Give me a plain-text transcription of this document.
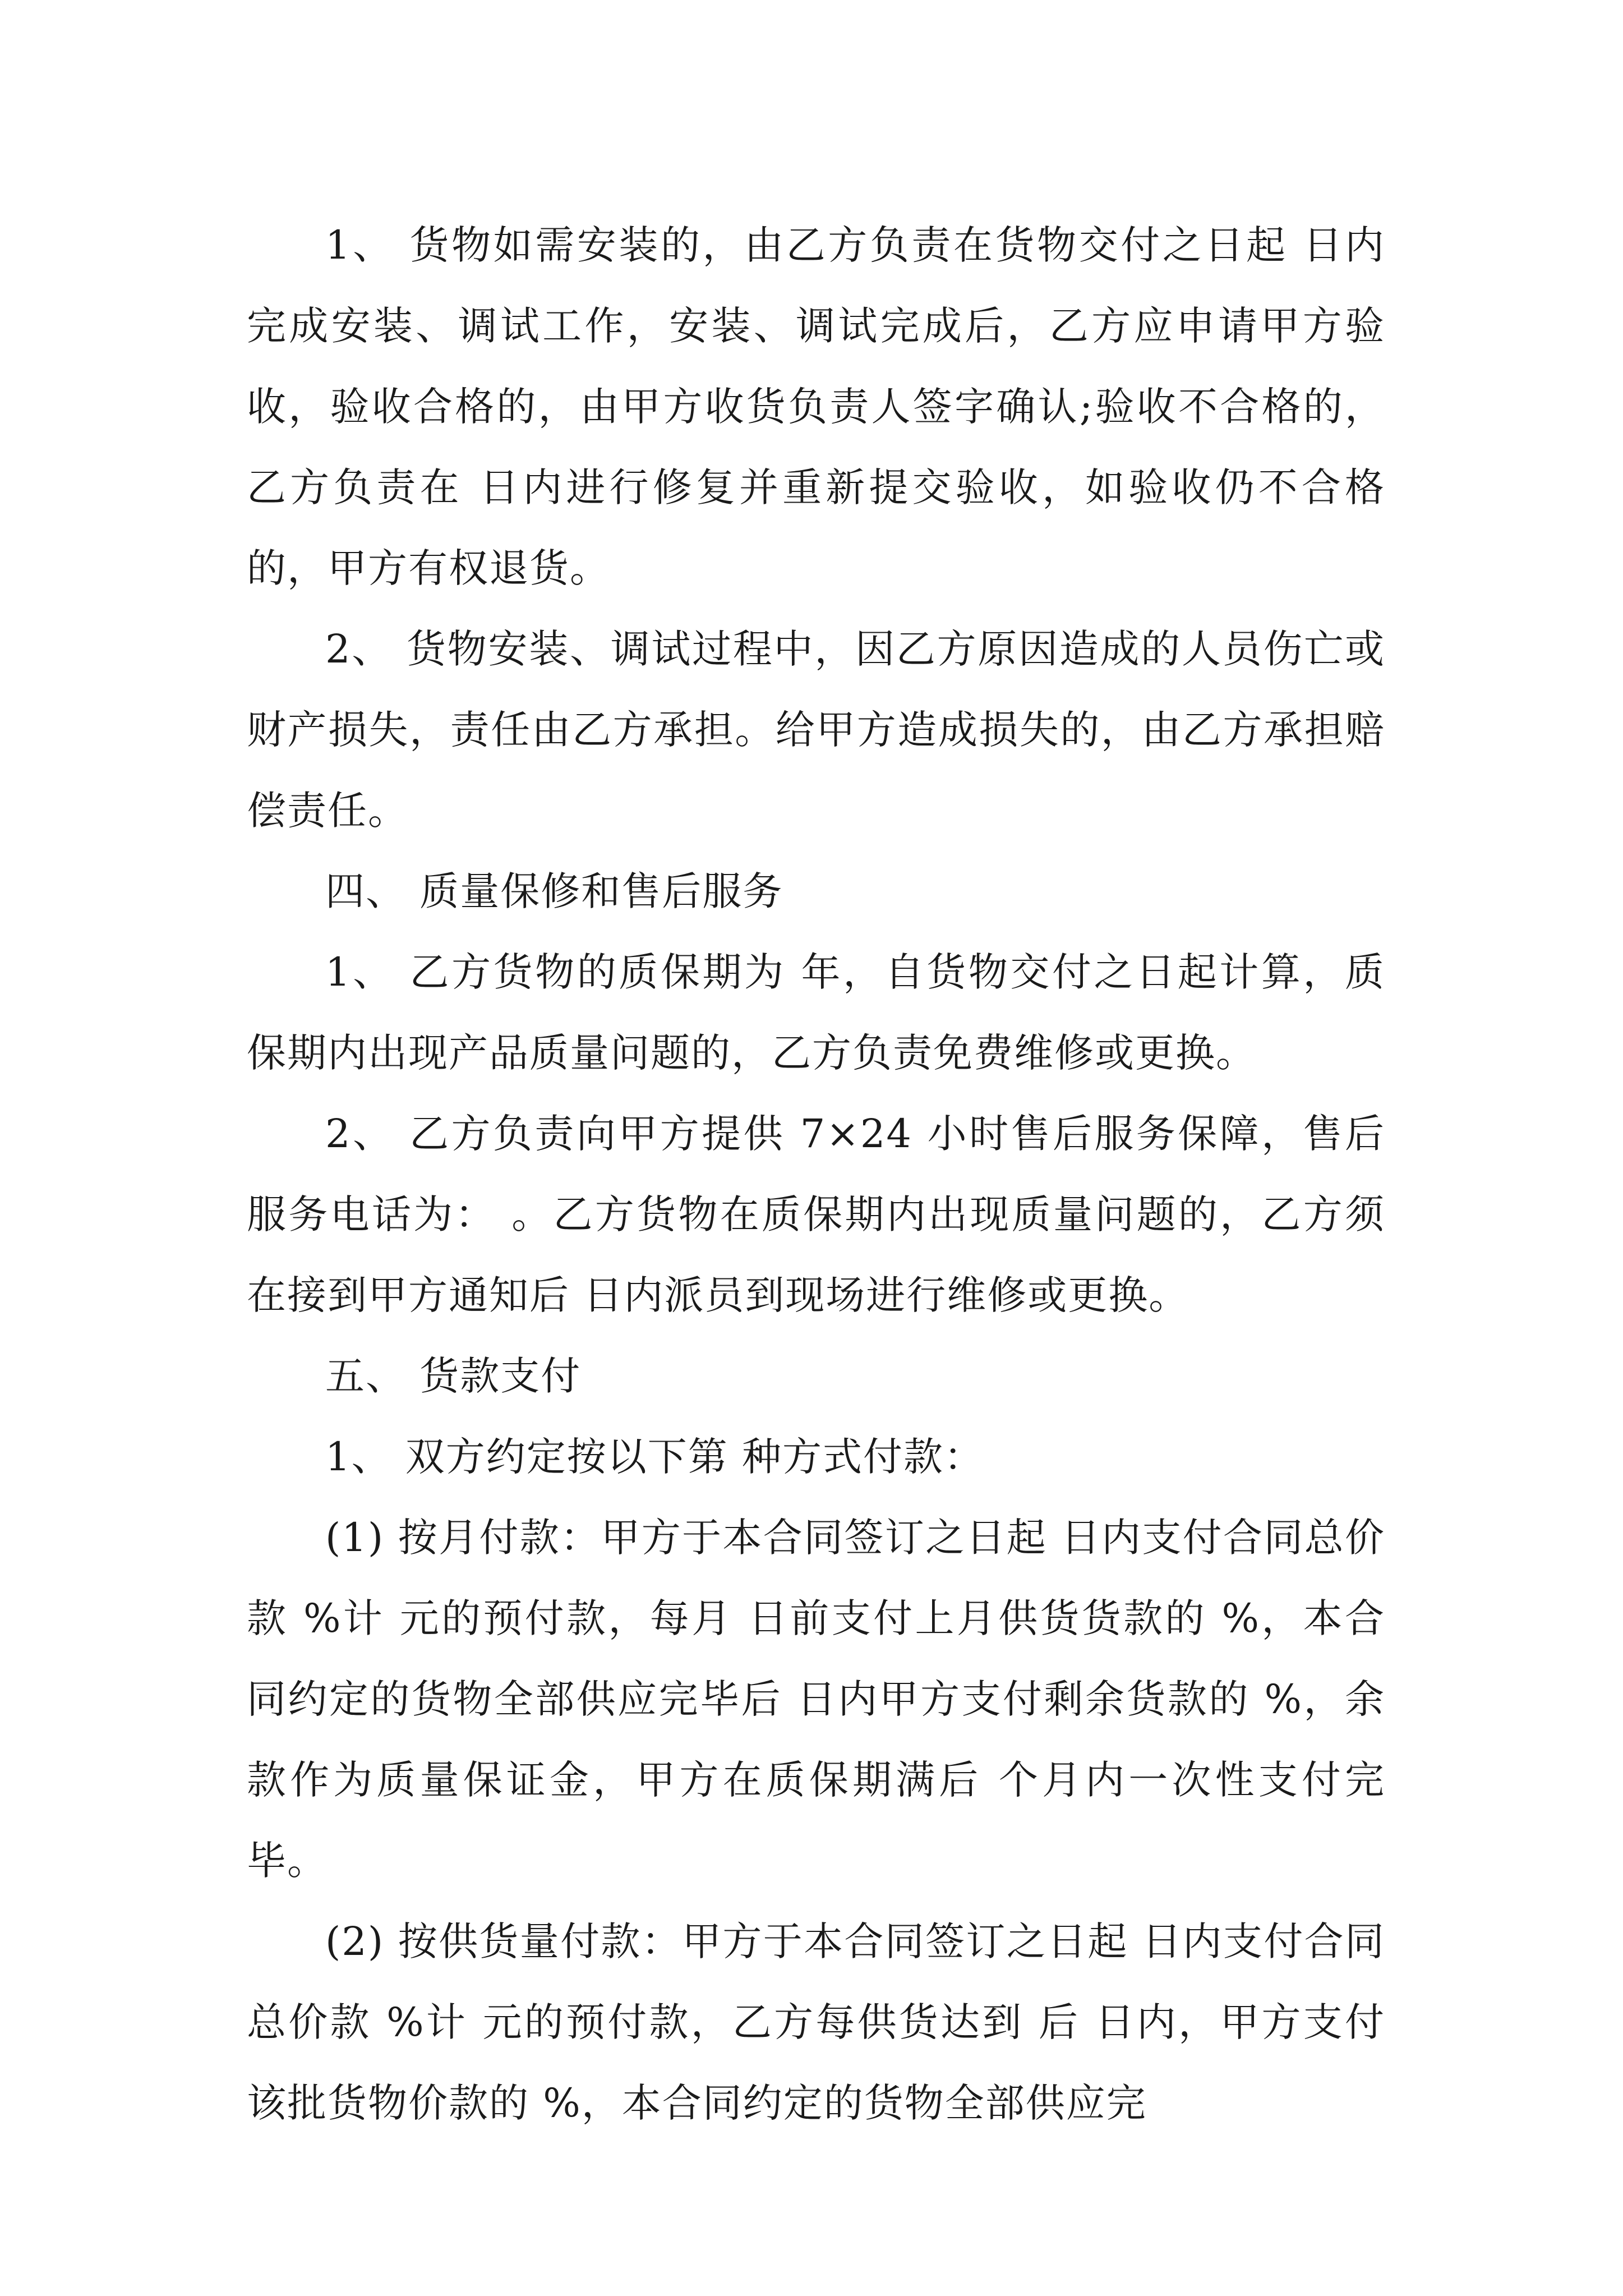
1、 货物如需安装的，由乙方负责在货物交付之日起 日内完成安装、调试工作，安装、调试完成后，乙方应申请甲方验收，验收合格的，由甲方收货负责人签字确认;验收不合格的，乙方负责在 日内进行修复并重新提交验收，如验收仍不合格的，甲方有权退货。

2、 货物安装、调试过程中，因乙方原因造成的人员伤亡或财产损失，责任由乙方承担。给甲方造成损失的，由乙方承担赔偿责任。

四、 质量保修和售后服务

1、 乙方货物的质保期为 年，自货物交付之日起计算，质保期内出现产品质量问题的，乙方负责免费维修或更换。

2、 乙方负责向甲方提供 7×24 小时售后服务保障，售后服务电话为： 。乙方货物在质保期内出现质量问题的，乙方须在接到甲方通知后 日内派员到现场进行维修或更换。

五、 货款支付

1、 双方约定按以下第 种方式付款：

(1) 按月付款：甲方于本合同签订之日起 日内支付合同总价款 %计 元的预付款，每月 日前支付上月供货货款的 %，本合同约定的货物全部供应完毕后 日内甲方支付剩余货款的 %，余款作为质量保证金，甲方在质保期满后 个月内一次性支付完毕。

(2) 按供货量付款：甲方于本合同签订之日起 日内支付合同总价款 %计 元的预付款，乙方每供货达到 后 日内，甲方支付该批货物价款的 %，本合同约定的货物全部供应完
